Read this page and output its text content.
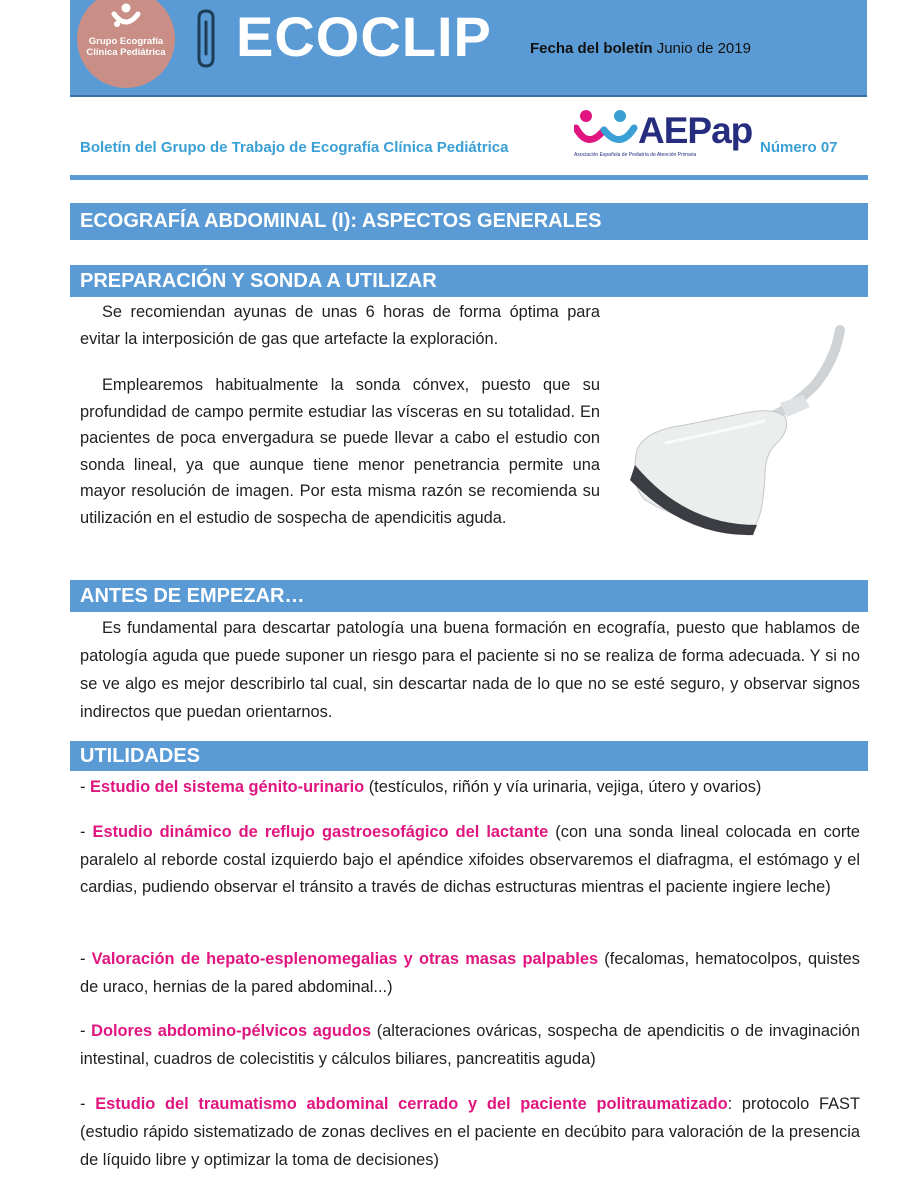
Grupo Ecografía Clínica Pediátrica ECOCLIP	Fecha del boletín Junio de 2019
Boletín del Grupo de Trabajo de Ecografía Clínica Pediátrica	AEPap
Asociación Española de Pediatría de Atención Primaria	Número 07
ECOGRAFÍA ABDOMINAL (I): ASPECTOS GENERALES
PREPARACIÓN Y SONDA A UTILIZAR

Se recomiendan ayunas de unas 6 horas de forma óptima para evitar la interposición de gas que artefacte la exploración.

Emplearemos habitualmente la sonda cónvex, puesto que su profundidad de campo permite estudiar las vísceras en su totalidad. En pacientes de poca envergadura se puede llevar a cabo el estudio con sonda lineal, ya que aunque tiene menor penetrancia permite una mayor resolución de imagen. Por esta misma razón se recomienda su utilización en el estudio de sospecha de apendicitis aguda.

ANTES DE EMPEZAR…

Es fundamental para descartar patología una buena formación en ecografía, puesto que hablamos de patología aguda que puede suponer un riesgo para el paciente si no se realiza de forma adecuada. Y si no se ve algo es mejor describirlo tal cual, sin descartar nada de lo que no se esté seguro, y observar signos indirectos que puedan orientarnos.

UTILIDADES

- Estudio del sistema génito-urinario (testículos, riñón y vía urinaria, vejiga, útero y ovarios)

- Estudio dinámico de reflujo gastroesofágico del lactante (con una sonda lineal colocada en corte paralelo al reborde costal izquierdo bajo el apéndice xifoides observaremos el diafragma, el estómago y el cardias, pudiendo observar el tránsito a través de dichas estructuras mientras el paciente ingiere leche)

- Valoración de hepato-esplenomegalias y otras masas palpables (fecalomas, hematocolpos, quistes de uraco, hernias de la pared abdominal...)

- Dolores abdomino-pélvicos agudos (alteraciones ováricas, sospecha de apendicitis o de invaginación intestinal, cuadros de colecistitis y cálculos biliares, pancreatitis aguda)

- Estudio del traumatismo abdominal cerrado y del paciente politraumatizado: protocolo FAST (estudio rápido sistematizado de zonas declives en el paciente en decúbito para valoración de la presencia de líquido libre y optimizar la toma de decisiones)
